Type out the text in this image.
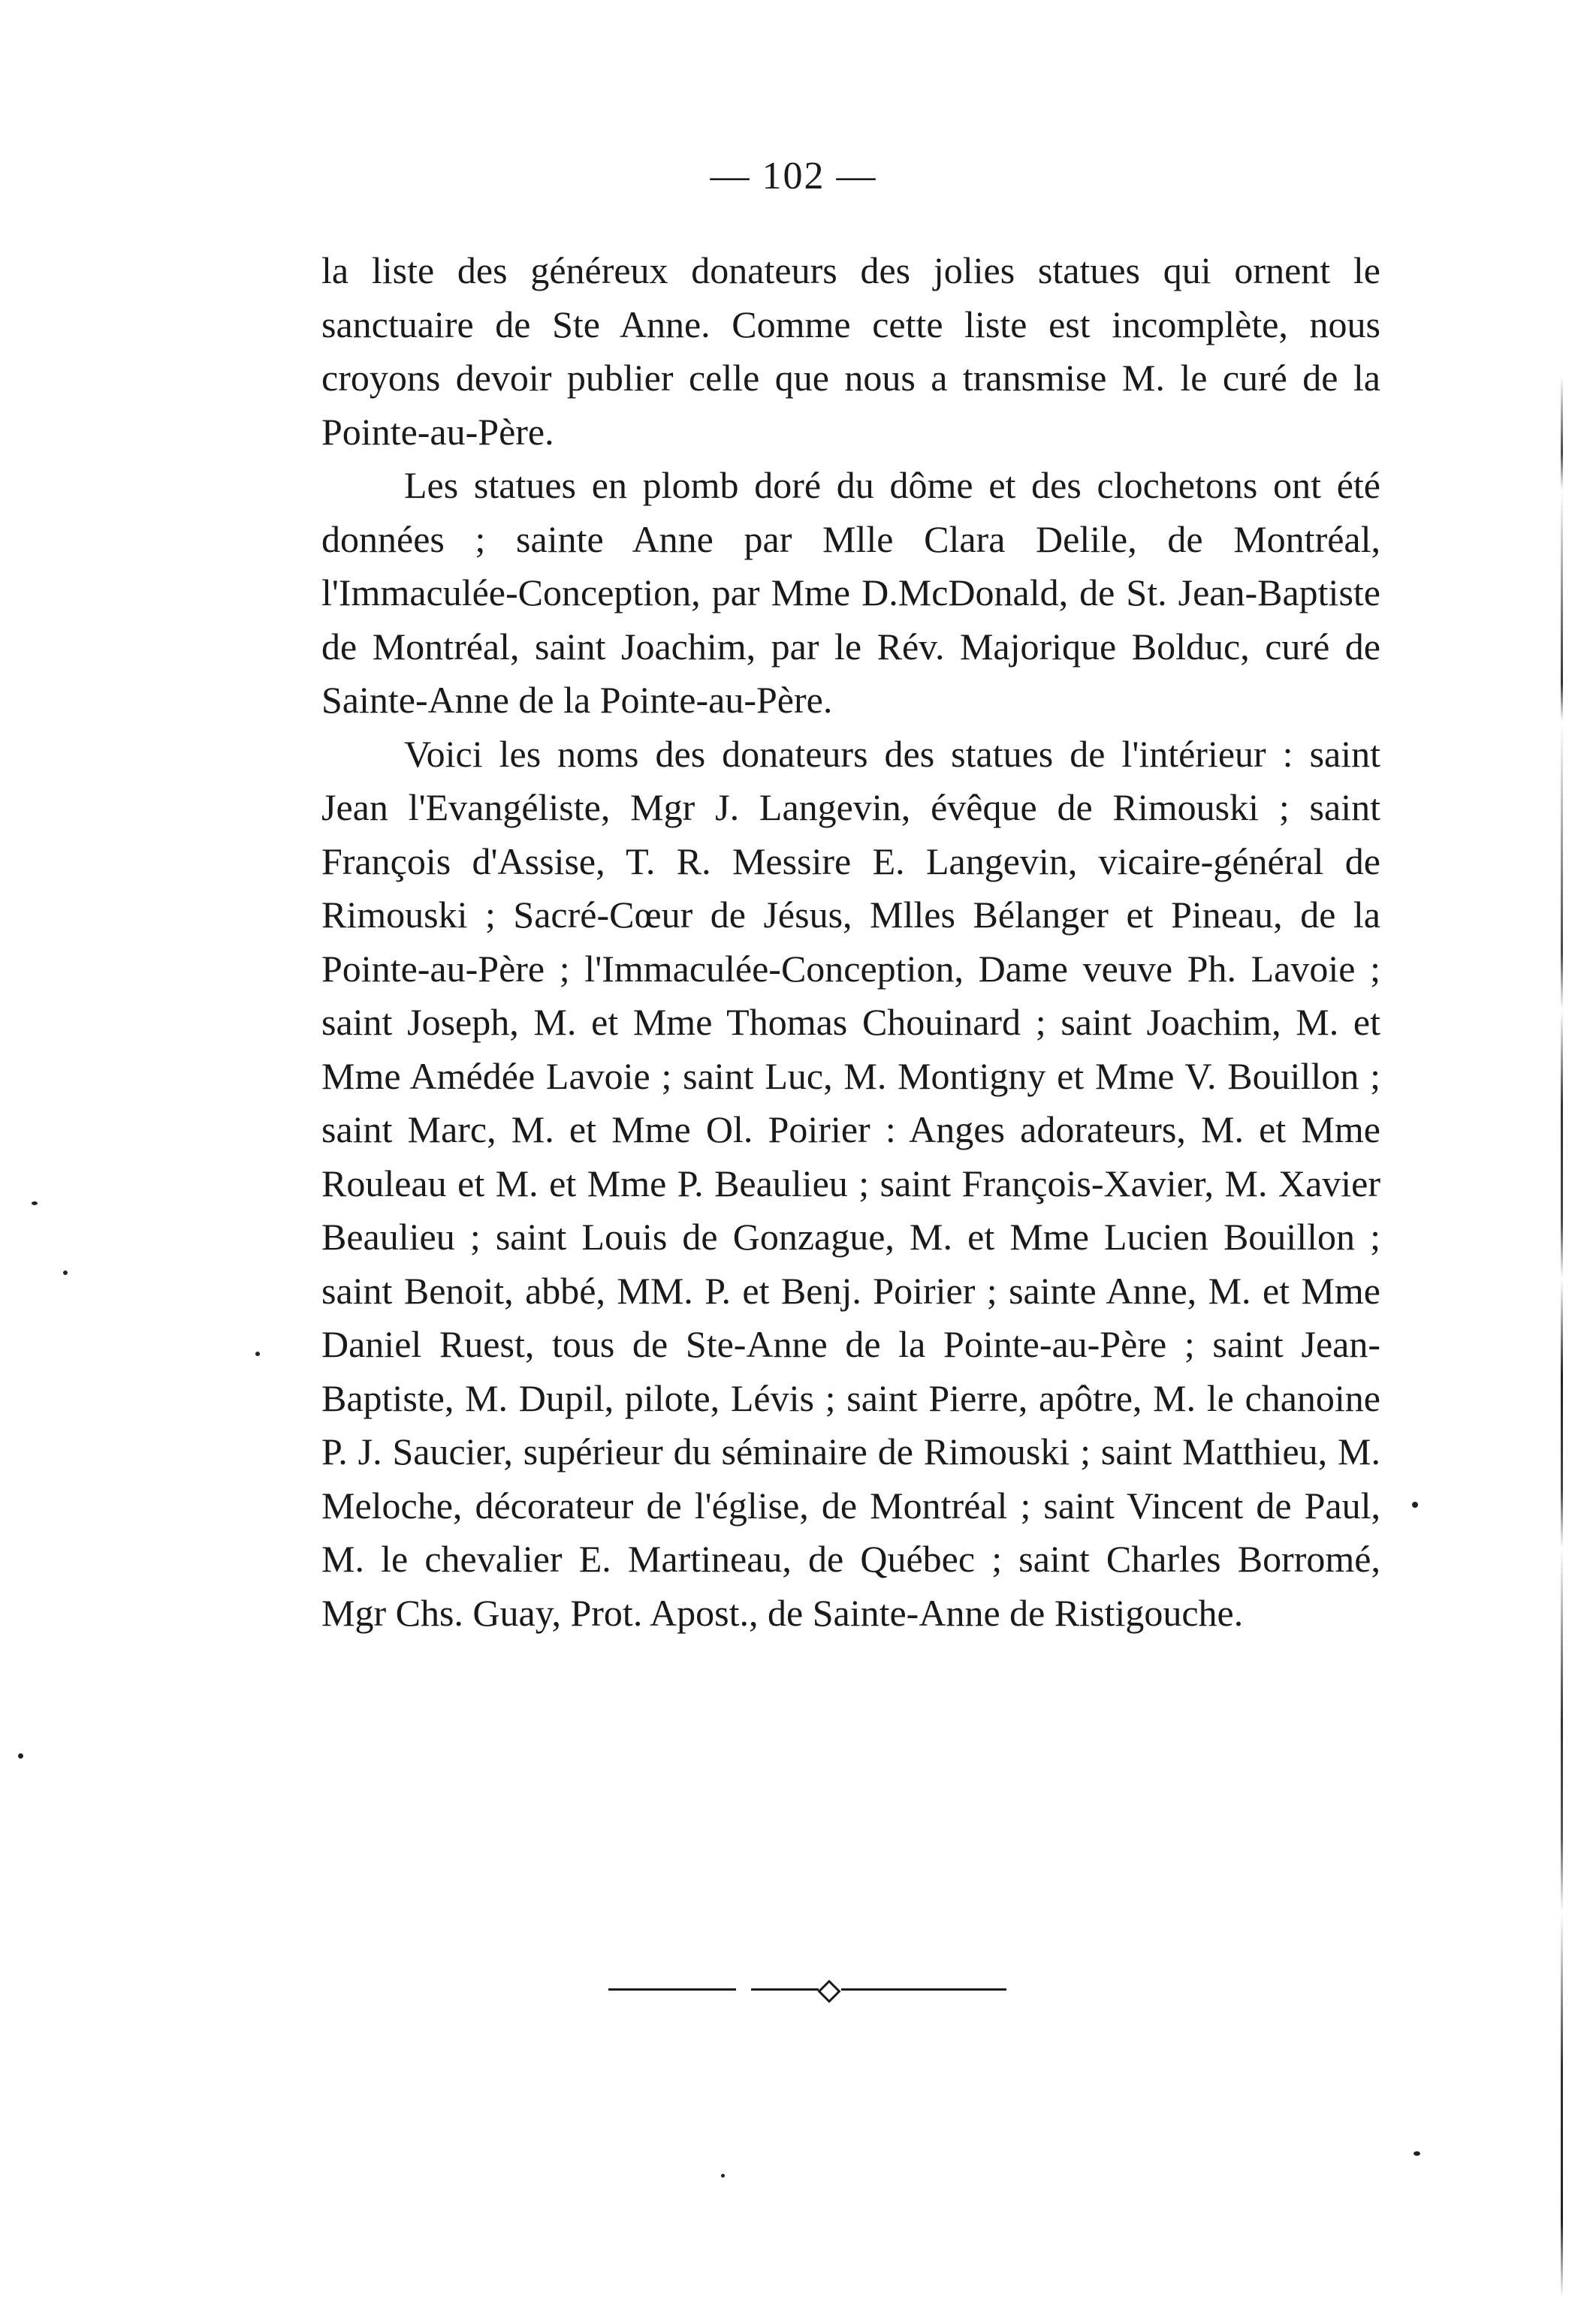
— 102 —

la liste des généreux donateurs des jolies statues qui ornent le sanctuaire de Ste Anne. Comme cette liste est incomplète, nous croyons devoir publier celle que nous a transmise M. le curé de la Pointe-au-Père.

Les statues en plomb doré du dôme et des clochetons ont été données ; sainte Anne par Mlle Clara Delile, de Montréal, l'Immaculée-Conception, par Mme D.McDonald, de St. Jean-Baptiste de Montréal, saint Joachim, par le Rév. Majorique Bolduc, curé de Sainte-Anne de la Pointe-au-Père.

Voici les noms des donateurs des statues de l'intérieur : saint Jean l'Evangéliste, Mgr J. Langevin, évêque de Rimouski ; saint François d'Assise, T. R. Messire E. Langevin, vicaire-général de Rimouski ; Sacré-Cœur de Jésus, Mlles Bélanger et Pineau, de la Pointe-au-Père ; l'Immaculée-Conception, Dame veuve Ph. Lavoie ; saint Joseph, M. et Mme Thomas Chouinard ; saint Joachim, M. et Mme Amédée Lavoie ; saint Luc, M. Montigny et Mme V. Bouillon ; saint Marc, M. et Mme Ol. Poirier : Anges adorateurs, M. et Mme Rouleau et M. et Mme P. Beaulieu ; saint François-Xavier, M. Xavier Beaulieu ; saint Louis de Gonzague, M. et Mme Lucien Bouillon ; saint Benoit, abbé, MM. P. et Benj. Poirier ; sainte Anne, M. et Mme Daniel Ruest, tous de Ste-Anne de la Pointe-au-Père ; saint Jean-Baptiste, M. Dupil, pilote, Lévis ; saint Pierre, apôtre, M. le chanoine P. J. Saucier, supérieur du séminaire de Rimouski ; saint Matthieu, M. Meloche, décorateur de l'église, de Montréal ; saint Vincent de Paul, M. le chevalier E. Martineau, de Québec ; saint Charles Borromé, Mgr Chs. Guay, Prot. Apost., de Sainte-Anne de Ristigouche.
